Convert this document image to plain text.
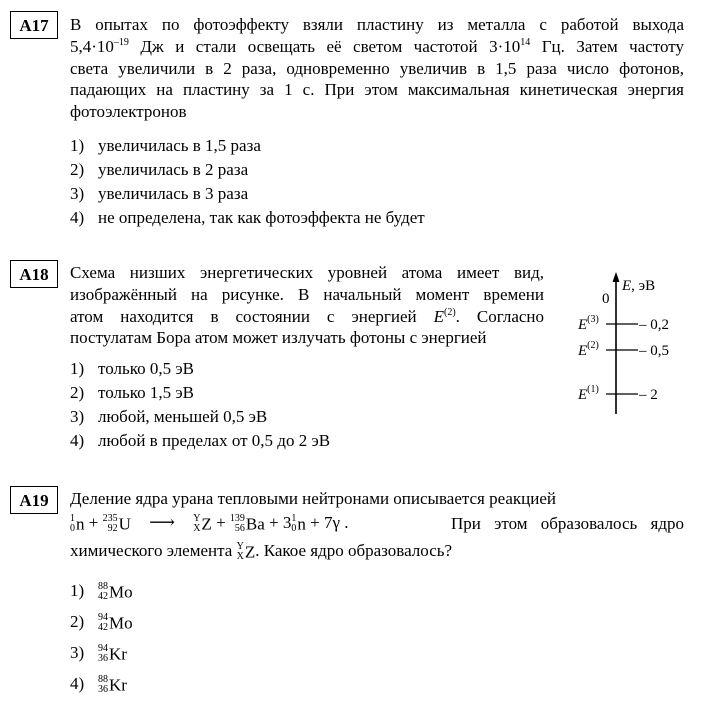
A17	В опытах по фотоэффекту взяли пластину из металла с работой выхода
$5,4\cdot 10^{-19}$ Дж и стали освещать её светом частотой $3\cdot 10^{14}$ Гц. Затем частоту
света увеличили в 2 раза, одновременно увеличив в 1,5 раза число фотонов,
падающих на пластину за 1 с. При этом максимальная кинетическая энергия
фотоэлектронов
1) увеличилась в 1,5 раза
2) увеличилась в 2 раза
3) увеличилась в 3 раза
4) не определена, так как фотоэффекта не будет
A18	Схема низших энергетических уровней атома имеет вид,
изображённый на рисунке. В начальный момент времени
атом находится в состоянии с энергией $E^{(2)}$. Согласно
постулатам Бора атом может излучать фотоны с энергией
1) только 0,5 эВ
2) только 1,5 эВ
3) любой, меньшей 0,5 эВ
4) любой в пределах от 0,5 до 2 эВ
0
E, эВ
$E^{(3)}$	– 0,2
$E^{(2)}$	– 0,5
$E^{(1)}$	– 2
A19	Деление ядра урана тепловыми нейтронами описывается реакцией
1
0 n + 235
92 U ⟶ Y
X Z + 139
56 Ba + 3 1
0 n + 7γ .	При этом образовалось ядро
химического элемента Y
X Z. Какое ядро образовалось?
1) 88
42 Mo
2) 94
42 Mo
3) 94
36 Kr
4) 88
36 Kr
